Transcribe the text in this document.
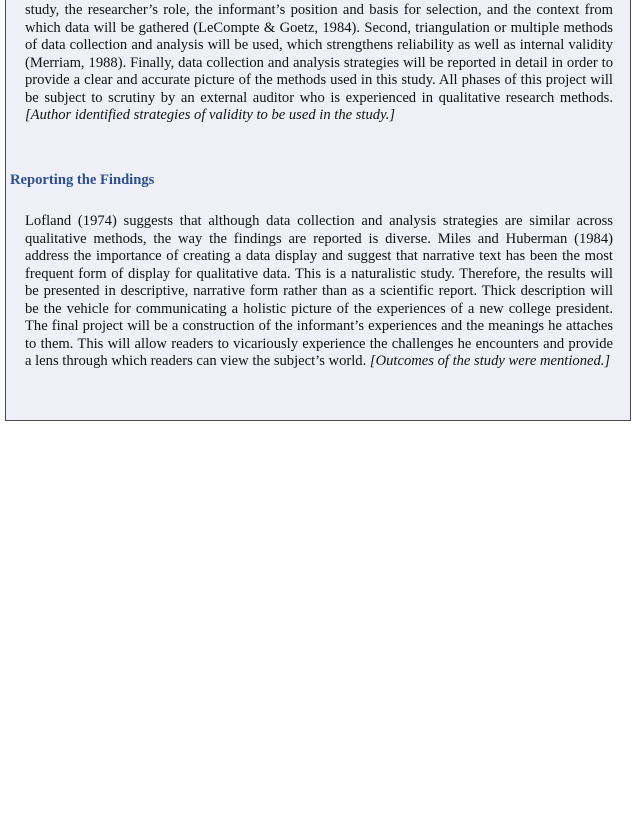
study, the researcher’s role, the informant’s position and basis for selection, and the context from which data will be gathered (LeCompte & Goetz, 1984). Second, triangulation or multiple methods of data collection and analysis will be used, which strengthens reliability as well as internal validity (Merriam, 1988). Finally, data collection and analysis strategies will be reported in detail in order to provide a clear and accurate picture of the methods used in this study. All phases of this project will be subject to scrutiny by an external auditor who is experienced in qualitative research methods. [Author identified strategies of validity to be used in the study.]

Reporting the Findings

Lofland (1974) suggests that although data collection and analysis strategies are similar across qualitative methods, the way the findings are reported is diverse. Miles and Huberman (1984) address the importance of creating a data display and suggest that narrative text has been the most frequent form of display for qualitative data. This is a naturalistic study. Therefore, the results will be presented in descriptive, narrative form rather than as a scientific report. Thick description will be the vehicle for communicating a holistic picture of the experiences of a new college president. The final project will be a construction of the informant’s experiences and the meanings he attaches to them. This will allow readers to vicariously experience the challenges he encounters and provide a lens through which readers can view the subject’s world. [Outcomes of the study were mentioned.]
